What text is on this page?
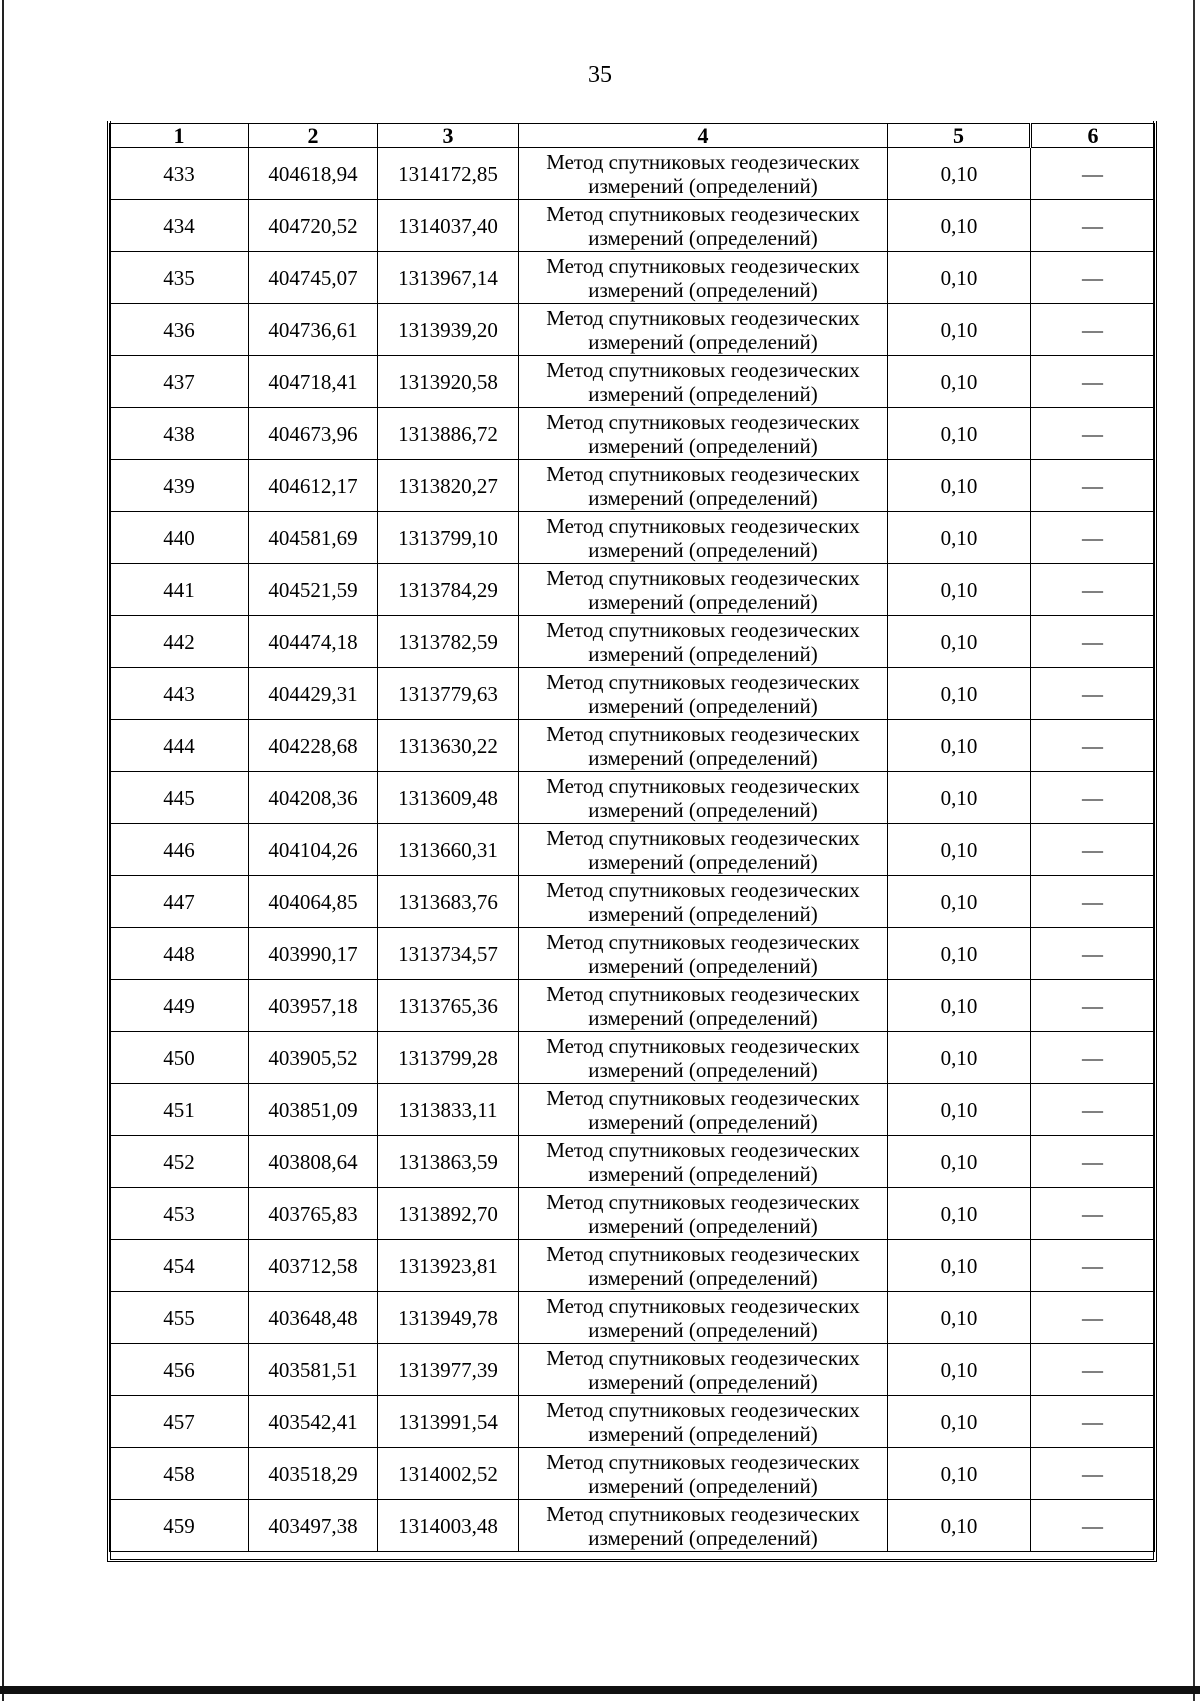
35
1	2	3	4	5	6
433	404618,94	1314172,85	Метод спутниковых геодезических измерений (определений)	0,10	—
434	404720,52	1314037,40	Метод спутниковых геодезических измерений (определений)	0,10	—
435	404745,07	1313967,14	Метод спутниковых геодезических измерений (определений)	0,10	—
436	404736,61	1313939,20	Метод спутниковых геодезических измерений (определений)	0,10	—
437	404718,41	1313920,58	Метод спутниковых геодезических измерений (определений)	0,10	—
438	404673,96	1313886,72	Метод спутниковых геодезических измерений (определений)	0,10	—
439	404612,17	1313820,27	Метод спутниковых геодезических измерений (определений)	0,10	—
440	404581,69	1313799,10	Метод спутниковых геодезических измерений (определений)	0,10	—
441	404521,59	1313784,29	Метод спутниковых геодезических измерений (определений)	0,10	—
442	404474,18	1313782,59	Метод спутниковых геодезических измерений (определений)	0,10	—
443	404429,31	1313779,63	Метод спутниковых геодезических измерений (определений)	0,10	—
444	404228,68	1313630,22	Метод спутниковых геодезических измерений (определений)	0,10	—
445	404208,36	1313609,48	Метод спутниковых геодезических измерений (определений)	0,10	—
446	404104,26	1313660,31	Метод спутниковых геодезических измерений (определений)	0,10	—
447	404064,85	1313683,76	Метод спутниковых геодезических измерений (определений)	0,10	—
448	403990,17	1313734,57	Метод спутниковых геодезических измерений (определений)	0,10	—
449	403957,18	1313765,36	Метод спутниковых геодезических измерений (определений)	0,10	—
450	403905,52	1313799,28	Метод спутниковых геодезических измерений (определений)	0,10	—
451	403851,09	1313833,11	Метод спутниковых геодезических измерений (определений)	0,10	—
452	403808,64	1313863,59	Метод спутниковых геодезических измерений (определений)	0,10	—
453	403765,83	1313892,70	Метод спутниковых геодезических измерений (определений)	0,10	—
454	403712,58	1313923,81	Метод спутниковых геодезических измерений (определений)	0,10	—
455	403648,48	1313949,78	Метод спутниковых геодезических измерений (определений)	0,10	—
456	403581,51	1313977,39	Метод спутниковых геодезических измерений (определений)	0,10	—
457	403542,41	1313991,54	Метод спутниковых геодезических измерений (определений)	0,10	—
458	403518,29	1314002,52	Метод спутниковых геодезических измерений (определений)	0,10	—
459	403497,38	1314003,48	Метод спутниковых геодезических измерений (определений)	0,10	—
